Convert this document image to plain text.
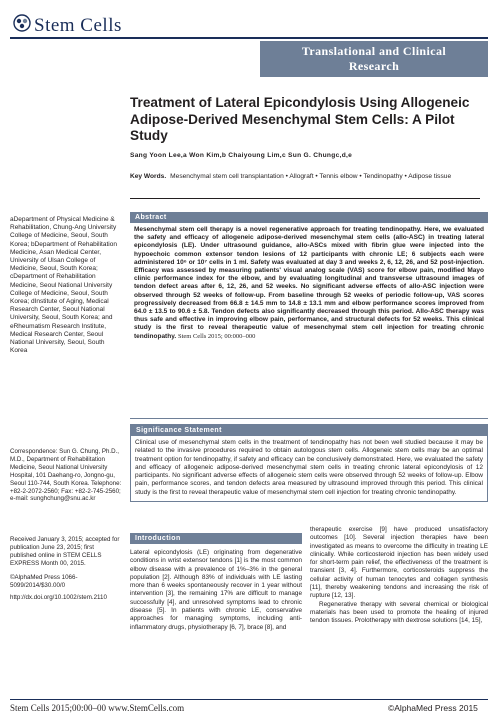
Stem Cells
Translational and Clinical
Research
Treatment of Lateral Epicondylosis Using Allogeneic Adipose-Derived Mesenchymal Stem Cells: A Pilot Study
Sang Yoon Lee,a Won Kim,b Chaiyoung Lim,c Sun G. Chungc,d,e
Key Words. Mesenchymal stem cell transplantation • Allograft • Tennis elbow • Tendinopathy • Adipose tissue
aDepartment of Physical Medicine & Rehabilitation, Chung-Ang University College of Medicine, Seoul, South Korea; bDepartment of Rehabilitation Medicine, Asan Medical Center, University of Ulsan College of Medicine, Seoul, South Korea; cDepartment of Rehabilitation Medicine, Seoul National University College of Medicine, Seoul, South Korea; dInstitute of Aging, Medical Research Center, Seoul National University, Seoul, South Korea; and eRheumatism Research Institute, Medical Research Center, Seoul National University, Seoul, South Korea
Correspondence: Sun G. Chung, Ph.D., M.D., Department of Rehabilitation Medicine, Seoul National University Hospital, 101 Daehang-ro, Jongno-gu, Seoul 110-744, South Korea. Telephone: +82-2-2072-2560; Fax: +82-2-745-2560; e-mail: sunghchung@snu.ac.kr
Received January 3, 2015; accepted for publication June 23, 2015; first published online in STEM CELLS EXPRESS Month 00, 2015.
©AlphaMed Press 1066-5099/2014/$30.00/0
http://dx.doi.org/10.1002/stem.2110
Abstract
Mesenchymal stem cell therapy is a novel regenerative approach for treating tendinopathy. Here, we evaluated the safety and efficacy of allogeneic adipose-derived mesenchymal stem cells (allo-ASC) in treating lateral epicondylosis (LE). Under ultrasound guidance, allo-ASCs mixed with fibrin glue were injected into the hypoechoic common extensor tendon lesions of 12 participants with chronic LE; 6 subjects each were administered 10⁶ or 10⁷ cells in 1 ml. Safety was evaluated at day 3 and weeks 2, 6, 12, 26, and 52 post-injection. Efficacy was assessed by measuring patients' visual analog scale (VAS) score for elbow pain, modified Mayo clinic performance index for the elbow, and by evaluating longitudinal and transverse ultrasound images of tendon defect areas after 6, 12, 26, and 52 weeks. No significant adverse effects of allo-ASC injection were observed through 52 weeks of follow-up. From baseline through 52 weeks of periodic follow-up, VAS scores progressively decreased from 66.8 ± 14.5 mm to 14.8 ± 13.1 mm and elbow performance scores improved from 64.0 ± 13.5 to 90.6 ± 5.8. Tendon defects also significantly decreased through this period. Allo-ASC therapy was thus safe and effective in improving elbow pain, performance, and structural defects for 52 weeks. This clinical study is the first to reveal therapeutic value of mesenchymal stem cell injection for treating chronic tendinopathy. Stem Cells 2015; 00:000–000
Significance Statement
Clinical use of mesenchymal stem cells in the treatment of tendinopathy has not been well studied because it may be related to the invasive procedures required to obtain autologous stem cells. Allogeneic stem cells may be an optimal treatment option for tendinopathy, if safety and efficacy can be conclusively demonstrated. Here, we evaluated the safety and efficacy of allogeneic adipose-derived mesenchymal stem cells in treating chronic lateral epicondylosis of 12 participants. No significant adverse effects of allogeneic stem cells were observed through 52 weeks of follow-up. Elbow pain, performance scores, and tendon defects area measured by ultrasound improved through this period. This clinical study is the first to reveal therapeutic value of mesenchymal stem cell injection for treating chronic tendinopathy.
Introduction
Lateral epicondylosis (LE) originating from degenerative conditions in wrist extensor tendons [1] is the most common elbow disease with a prevalence of 1%–3% in the general population [2]. Although 83% of individuals with LE lasting more than 6 weeks spontaneously recover in 1 year without intervention [3], the remaining 17% are difficult to manage successfully [4], and unresolved symptoms lead to chronic disease [5]. In patients with chronic LE, conservative approaches for managing symptoms, including anti-inflammatory drugs, physiotherapy [6, 7], brace [8], and
therapeutic exercise [9] have produced unsatisfactory outcomes [10]. Several injection therapies have been investigated as means to overcome the difficulty in treating LE clinically. While corticosteroid injection has been widely used for short-term pain relief, the effectiveness of the treatment is transient [3, 4]. Furthermore, corticosteroids suppress the cellular activity of human tenocytes and collagen synthesis [11], thereby weakening tendons and increasing the risk of rupture [12, 13].
Regenerative therapy with several chemical or biological materials has been used to promote the healing of injured tendon tissues. Prolotherapy with dextrose solutions [14, 15],
Stem Cells 2015;00:00–00 www.StemCells.com	©AlphaMed Press 2015
